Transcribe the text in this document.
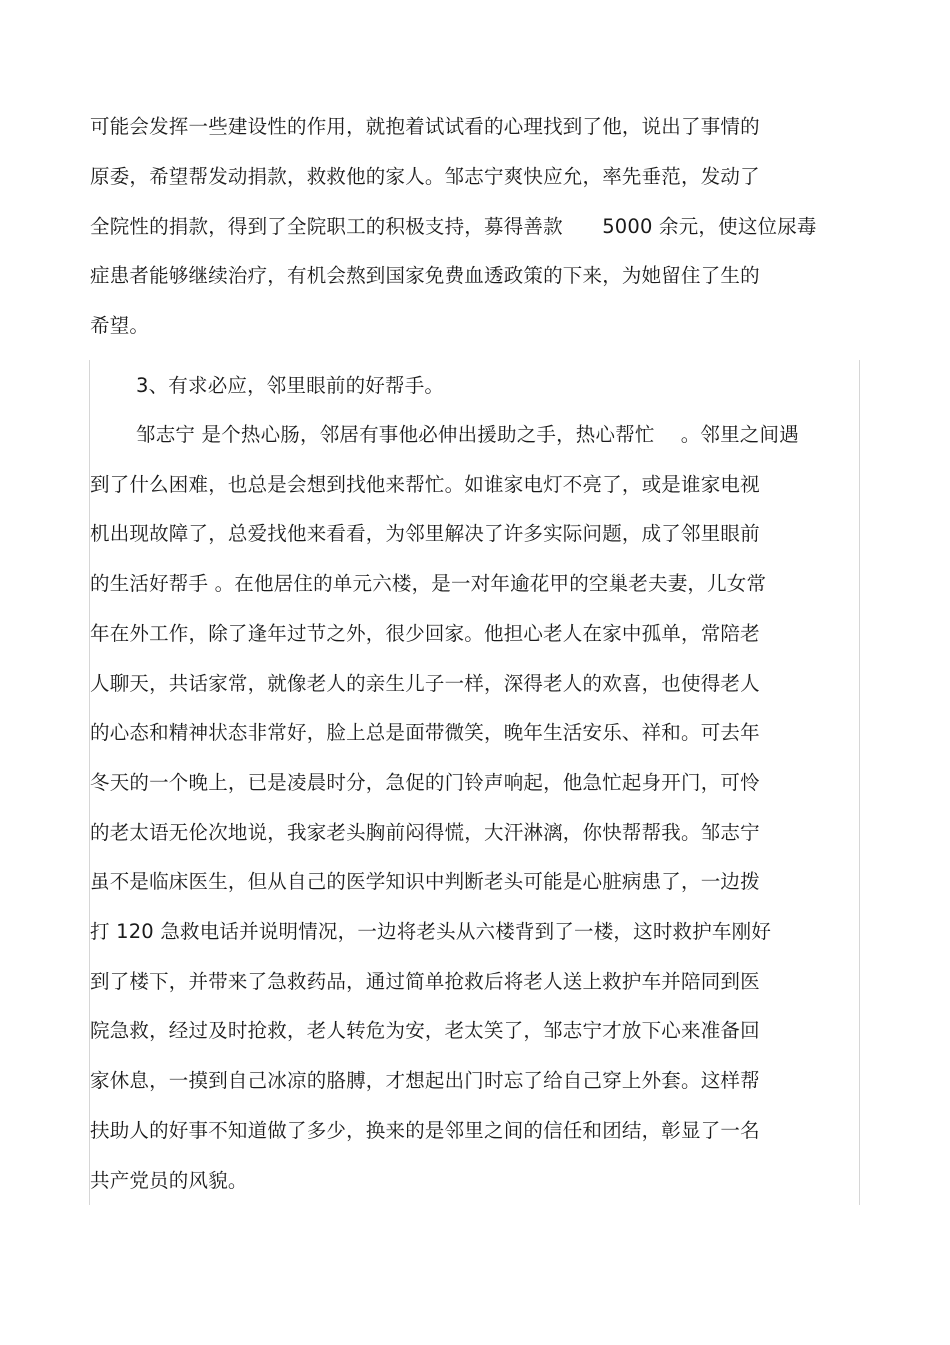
可能会发挥一些建设性的作用，就抱着试试看的心理找到了他，说出了事情的
原委，希望帮发动捐款，救救他的家人。邹志宁爽快应允，率先垂范，发动了
全院性的捐款，得到了全院职工的积极支持，募得善款　　5000 余元，使这位尿毒
症患者能够继续治疗，有机会熬到国家免费血透政策的下来，为她留住了生的
希望。
3、有求必应，邻里眼前的好帮手。
邹志宁 是个热心肠，邻居有事他必伸出援助之手，热心帮忙　 。邻里之间遇
到了什么困难，也总是会想到找他来帮忙。如谁家电灯不亮了，或是谁家电视
机出现故障了，总爱找他来看看，为邻里解决了许多实际问题，成了邻里眼前
的生活好帮手 。在他居住的单元六楼，是一对年逾花甲的空巢老夫妻，儿女常
年在外工作，除了逢年过节之外，很少回家。他担心老人在家中孤单，常陪老
人聊天，共话家常，就像老人的亲生儿子一样，深得老人的欢喜，也使得老人
的心态和精神状态非常好，脸上总是面带微笑，晚年生活安乐、祥和。可去年
冬天的一个晚上，已是凌晨时分，急促的门铃声响起，他急忙起身开门，可怜
的老太语无伦次地说，我家老头胸前闷得慌，大汗淋漓，你快帮帮我。邹志宁
虽不是临床医生，但从自己的医学知识中判断老头可能是心脏病患了，一边拨
打 120 急救电话并说明情况，一边将老头从六楼背到了一楼，这时救护车刚好
到了楼下，并带来了急救药品，通过简单抢救后将老人送上救护车并陪同到医
院急救，经过及时抢救，老人转危为安，老太笑了，邹志宁才放下心来准备回
家休息，一摸到自己冰凉的胳膊，才想起出门时忘了给自己穿上外套。这样帮
扶助人的好事不知道做了多少，换来的是邻里之间的信任和团结，彰显了一名
共产党员的风貌。
